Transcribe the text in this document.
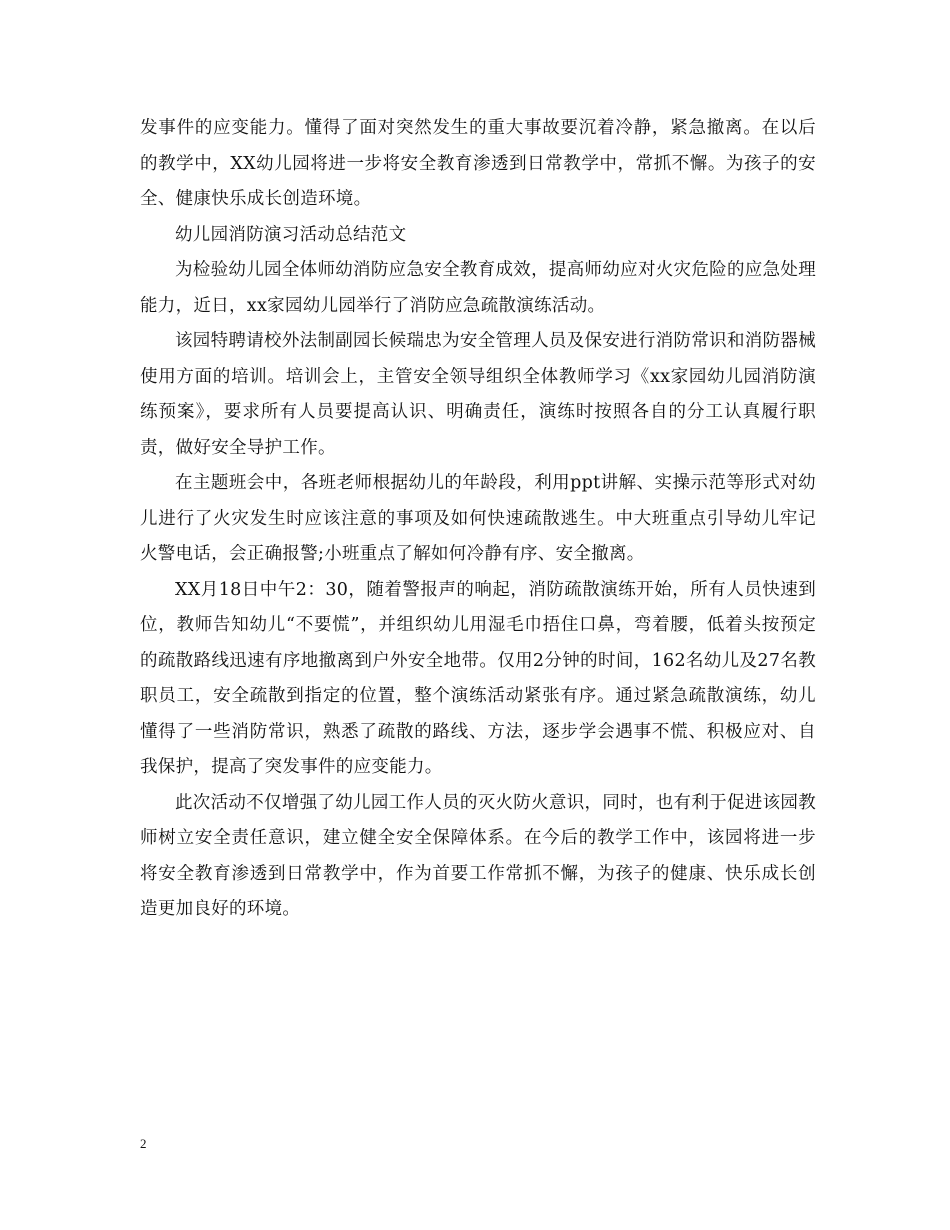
发事件的应变能力。懂得了面对突然发生的重大事故要沉着冷静，紧急撤离。在以后的教学中，XX幼儿园将进一步将安全教育渗透到日常教学中，常抓不懈。为孩子的安全、健康快乐成长创造环境。

幼儿园消防演习活动总结范文

为检验幼儿园全体师幼消防应急安全教育成效，提高师幼应对火灾危险的应急处理能力，近日，xx家园幼儿园举行了消防应急疏散演练活动。

该园特聘请校外法制副园长候瑞忠为安全管理人员及保安进行消防常识和消防器械使用方面的培训。培训会上，主管安全领导组织全体教师学习《xx家园幼儿园消防演练预案》，要求所有人员要提高认识、明确责任，演练时按照各自的分工认真履行职责，做好安全导护工作。

在主题班会中，各班老师根据幼儿的年龄段，利用ppt讲解、实操示范等形式对幼儿进行了火灾发生时应该注意的事项及如何快速疏散逃生。中大班重点引导幼儿牢记火警电话，会正确报警;小班重点了解如何冷静有序、安全撤离。

XX月18日中午2：30，随着警报声的响起，消防疏散演练开始，所有人员快速到位，教师告知幼儿“不要慌”，并组织幼儿用湿毛巾捂住口鼻，弯着腰，低着头按预定的疏散路线迅速有序地撤离到户外安全地带。仅用2分钟的时间，162名幼儿及27名教职员工，安全疏散到指定的位置，整个演练活动紧张有序。通过紧急疏散演练，幼儿懂得了一些消防常识，熟悉了疏散的路线、方法，逐步学会遇事不慌、积极应对、自我保护，提高了突发事件的应变能力。

此次活动不仅增强了幼儿园工作人员的灭火防火意识，同时，也有利于促进该园教师树立安全责任意识，建立健全安全保障体系。在今后的教学工作中，该园将进一步将安全教育渗透到日常教学中，作为首要工作常抓不懈，为孩子的健康、快乐成长创造更加良好的环境。

2
